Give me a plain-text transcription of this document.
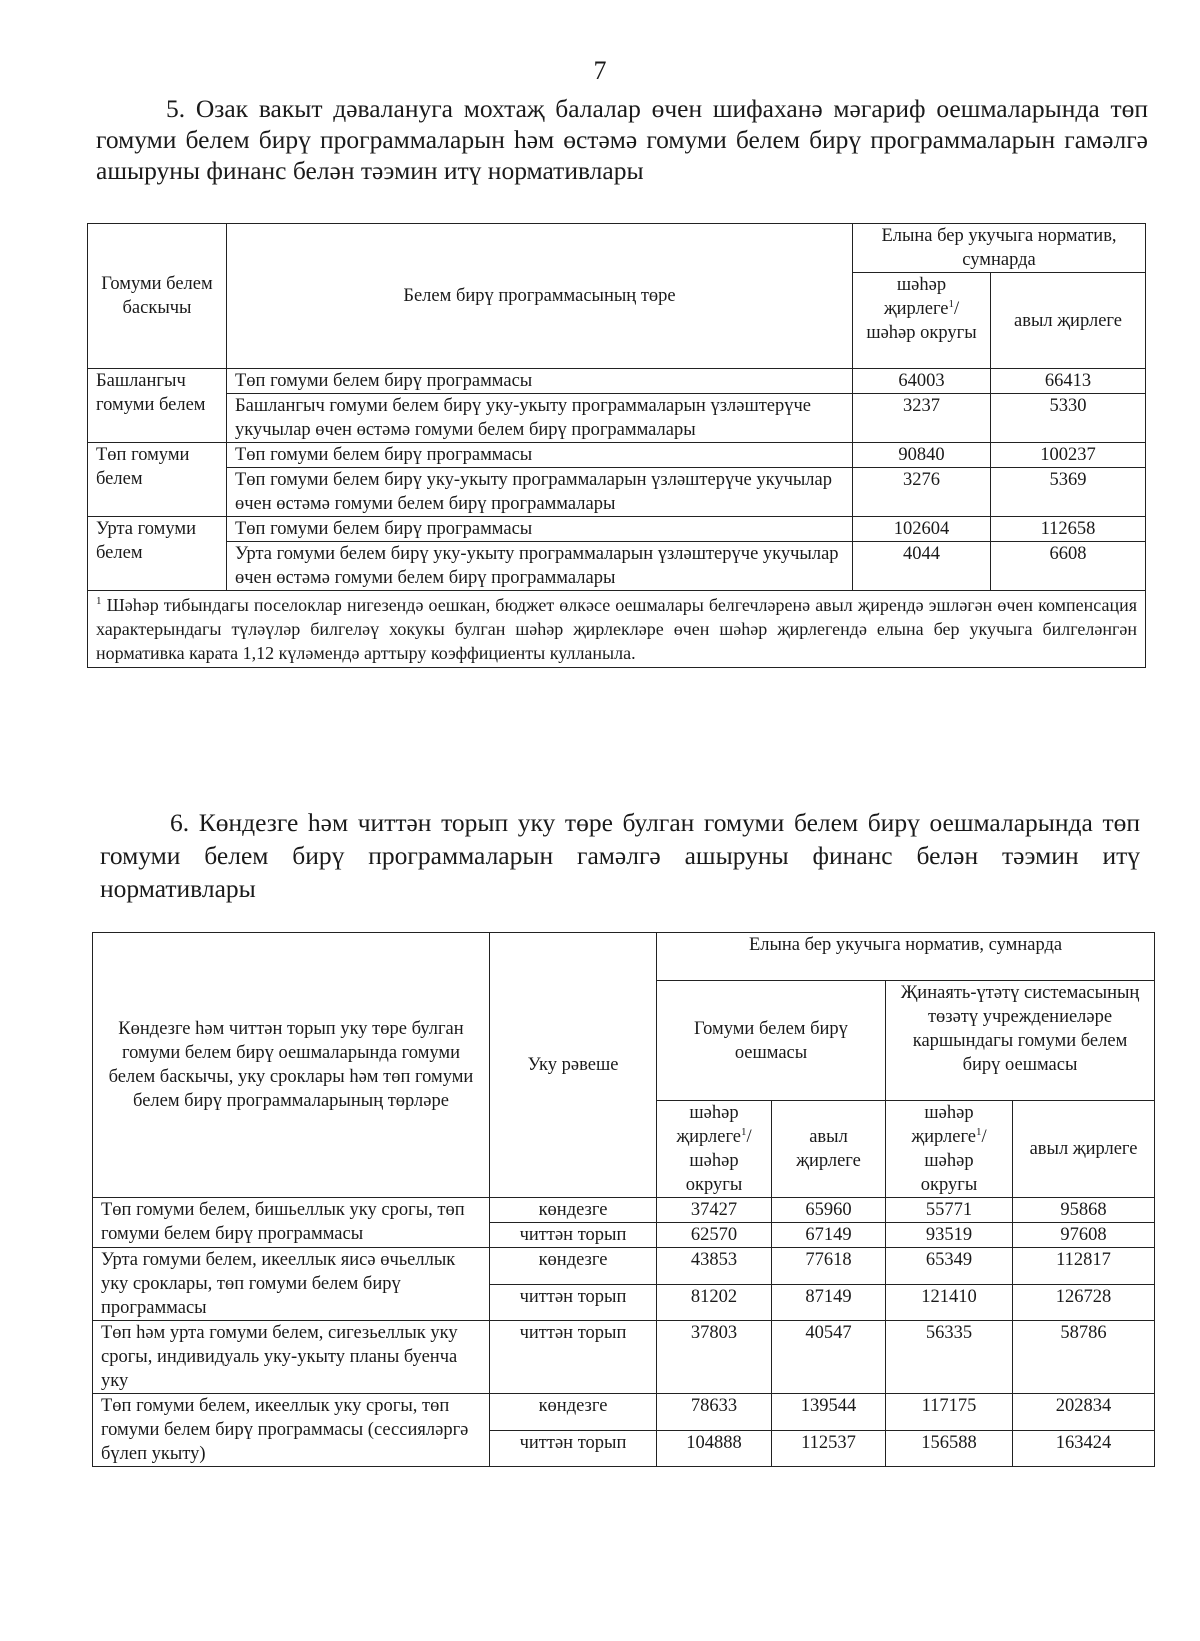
7
5. Озак вакыт дәвалануга мохтаҗ балалар өчен шифаханә мәгариф оешмаларында төп гомуми белем бирү программаларын һәм өстәмә гомуми белем бирү программаларын гамәлгә ашыруны финанс белән тәэмин итү нормативлары
Гомуми белем баскычы	Белем бирү программасының төре	Елына бер укучыга норматив, сумнарда	
		шәһәр җирлеге$^1$/ шәһәр округы	авыл җирлеге
Башлангыч гомуми белем	Төп гомуми белем бирү программасы	64003	66413
	Башлангыч гомуми белем бирү уку-укыту программаларын үзләштерүче укучылар өчен өстәмә гомуми белем бирү программалары	3237	5330
Төп гомуми белем	Төп гомуми белем бирү программасы	90840	100237
	Төп гомуми белем бирү уку-укыту программаларын үзләштерүче укучылар өчен өстәмә гомуми белем бирү программалары	3276	5369
Урта гомуми белем	Төп гомуми белем бирү программасы	102604	112658
	Урта гомуми белем бирү уку-укыту программаларын үзләштерүче укучылар өчен өстәмә гомуми белем бирү программалары	4044	6608
$^1$ Шәһәр тибындагы поселоклар нигезендә оешкан, бюджет өлкәсе оешмалары белгечләренә авыл җирендә эшләгән өчен компенсация характерындагы түләүләр билгеләү хокукы булган шәһәр җирлекләре өчен шәһәр җирлегендә елына бер укучыга билгеләнгән нормативка карата 1,12 күләмендә арттыру коэффициенты кулланыла.			
6. Көндезге һәм читтән торып уку төре булган гомуми белем бирү оешмаларында төп гомуми белем бирү программаларын гамәлгә ашыруны финанс белән тәэмин итү нормативлары
Көндезге һәм читтән торып уку төре булган гомуми белем бирү оешмаларында гомуми белем баскычы, уку сроклары һәм төп гомуми белем бирү программаларының төрләре	Уку рәвеше	Елына бер укучыга норматив, сумнарда			
		Гомуми белем бирү оешмасы		Җинаять-үтәтү системасының төзәтү учреждениеләре каршындагы гомуми белем бирү оешмасы	
		шәһәр җирлеге$^1$/ шәһәр округы	авыл җирлеге	шәһәр җирлеге$^1$/ шәһәр округы	авыл җирлеге
Төп гомуми белем, бишьеллык уку срогы, төп гомуми белем бирү программасы	көндезге	37427	65960	55771	95868
	читтән торып	62570	67149	93519	97608
Урта гомуми белем, икееллык яисә өчьеллык уку сроклары, төп гомуми белем бирү программасы	көндезге	43853	77618	65349	112817
	читтән торып	81202	87149	121410	126728
Төп һәм урта гомуми белем, сигезьеллык уку срогы, индивидуаль уку-укыту планы буенча уку	читтән торып	37803	40547	56335	58786
Төп гомуми белем, икееллык уку срогы, төп гомуми белем бирү программасы (сессияләргә бүлеп укыту)	көндезге	78633	139544	117175	202834
	читтән торып	104888	112537	156588	163424
